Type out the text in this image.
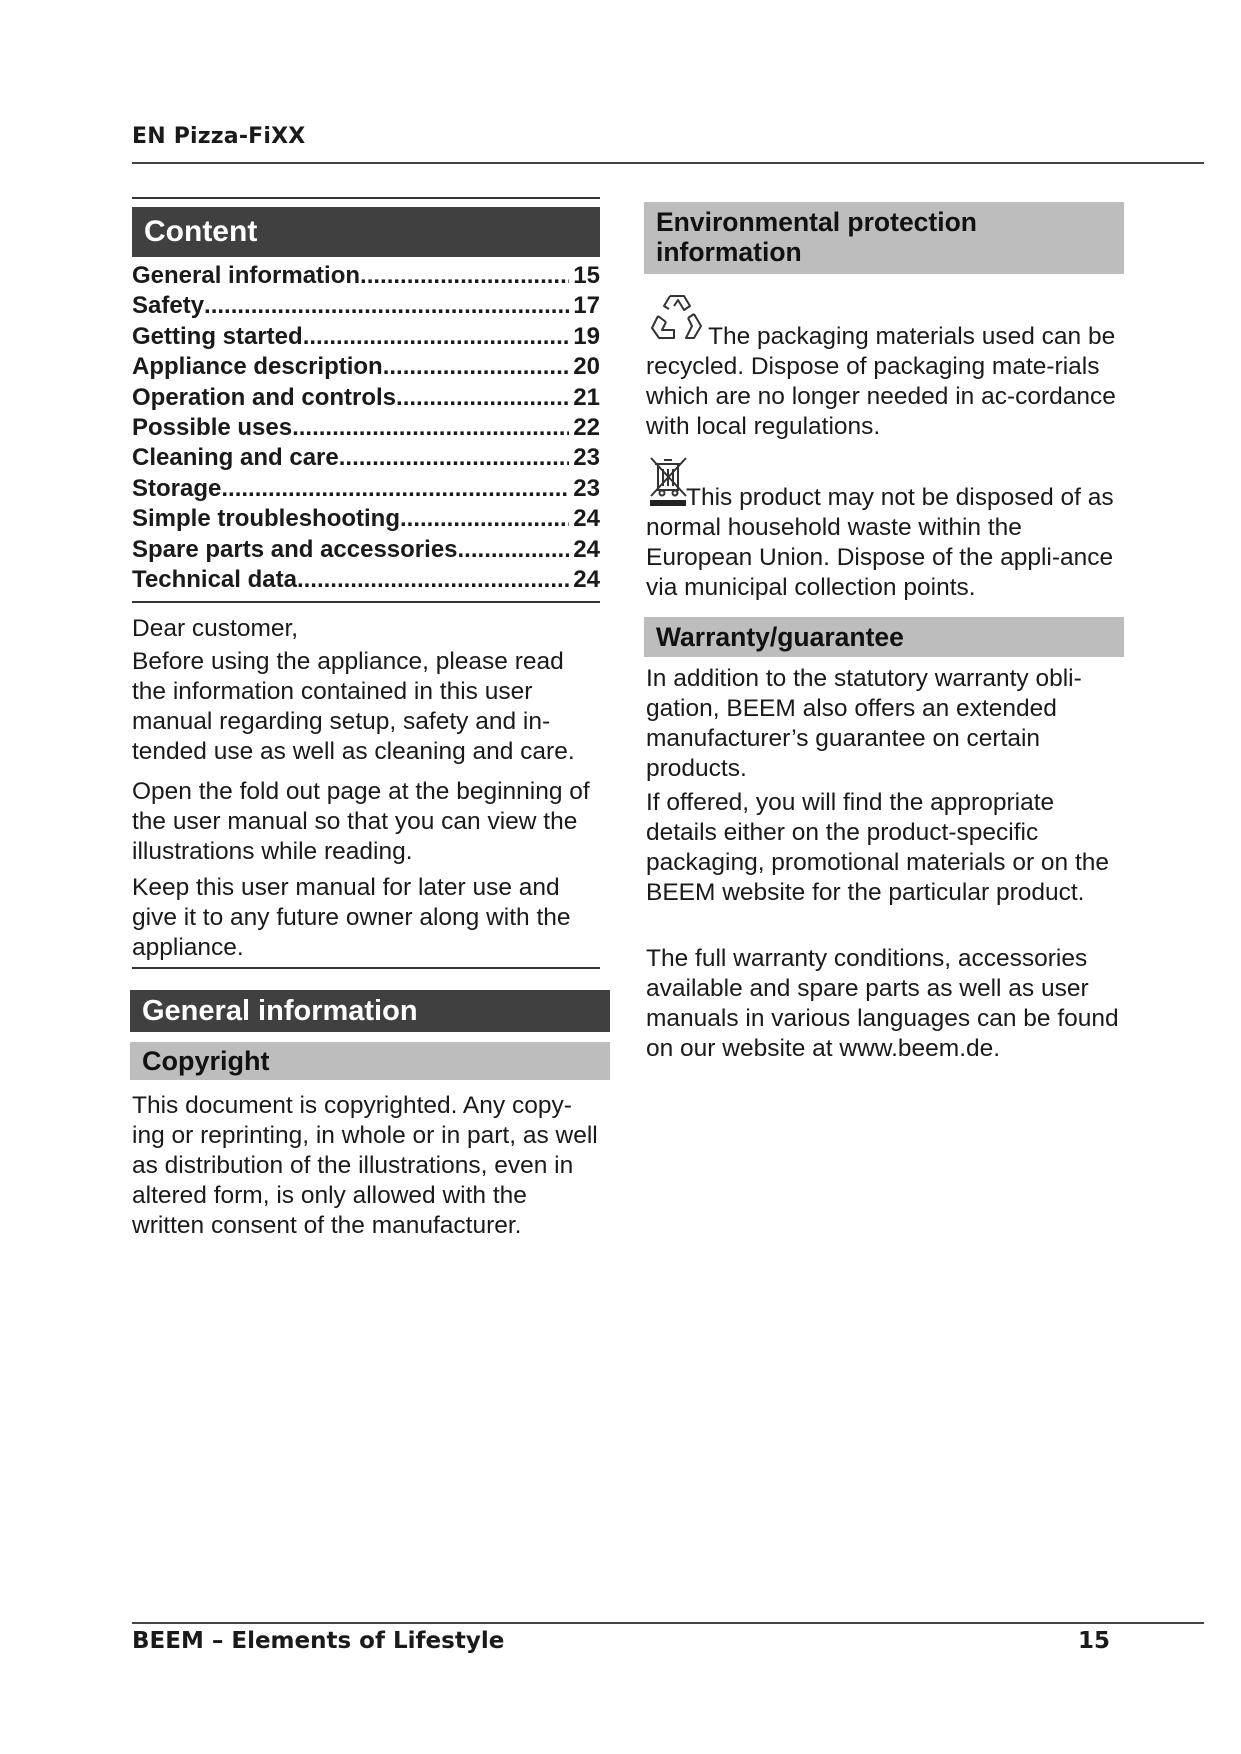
EN Pizza-FiXX
Content
General information .....	15
Safety .....	17
Getting started .....	19
Appliance description .....	20
Operation and controls .....	21
Possible uses .....	22
Cleaning and care .....	23
Storage .....	23
Simple troubleshooting .....	24
Spare parts and accessories .....	24
Technical data .....	24

Dear customer,

Before using the appliance, please read the information contained in this user manual regarding setup, safety and in-tended use as well as cleaning and care.

Open the fold out page at the beginning of the user manual so that you can view the illustrations while reading.

Keep this user manual for later use and give it to any future owner along with the appliance.

General information
Copyright

This document is copyrighted. Any copy-ing or reprinting, in whole or in part, as well as distribution of the illustrations, even in altered form, is only allowed with the written consent of the manufacturer.

Environmental protection information

The packaging materials used can be recycled. Dispose of packaging mate-rials which are no longer needed in ac-cordance with local regulations.

This product may not be disposed of as normal household waste within the European Union. Dispose of the appli-ance via municipal collection points.

Warranty/guarantee

In addition to the statutory warranty obli-gation, BEEM also offers an extended manufacturer’s guarantee on certain products.

If offered, you will find the appropriate details either on the product-specific packaging, promotional materials or on the BEEM website for the particular product.

The full warranty conditions, accessories available and spare parts as well as user manuals in various languages can be found on our website at www.beem.de.

BEEM – Elements of Lifestyle	15
